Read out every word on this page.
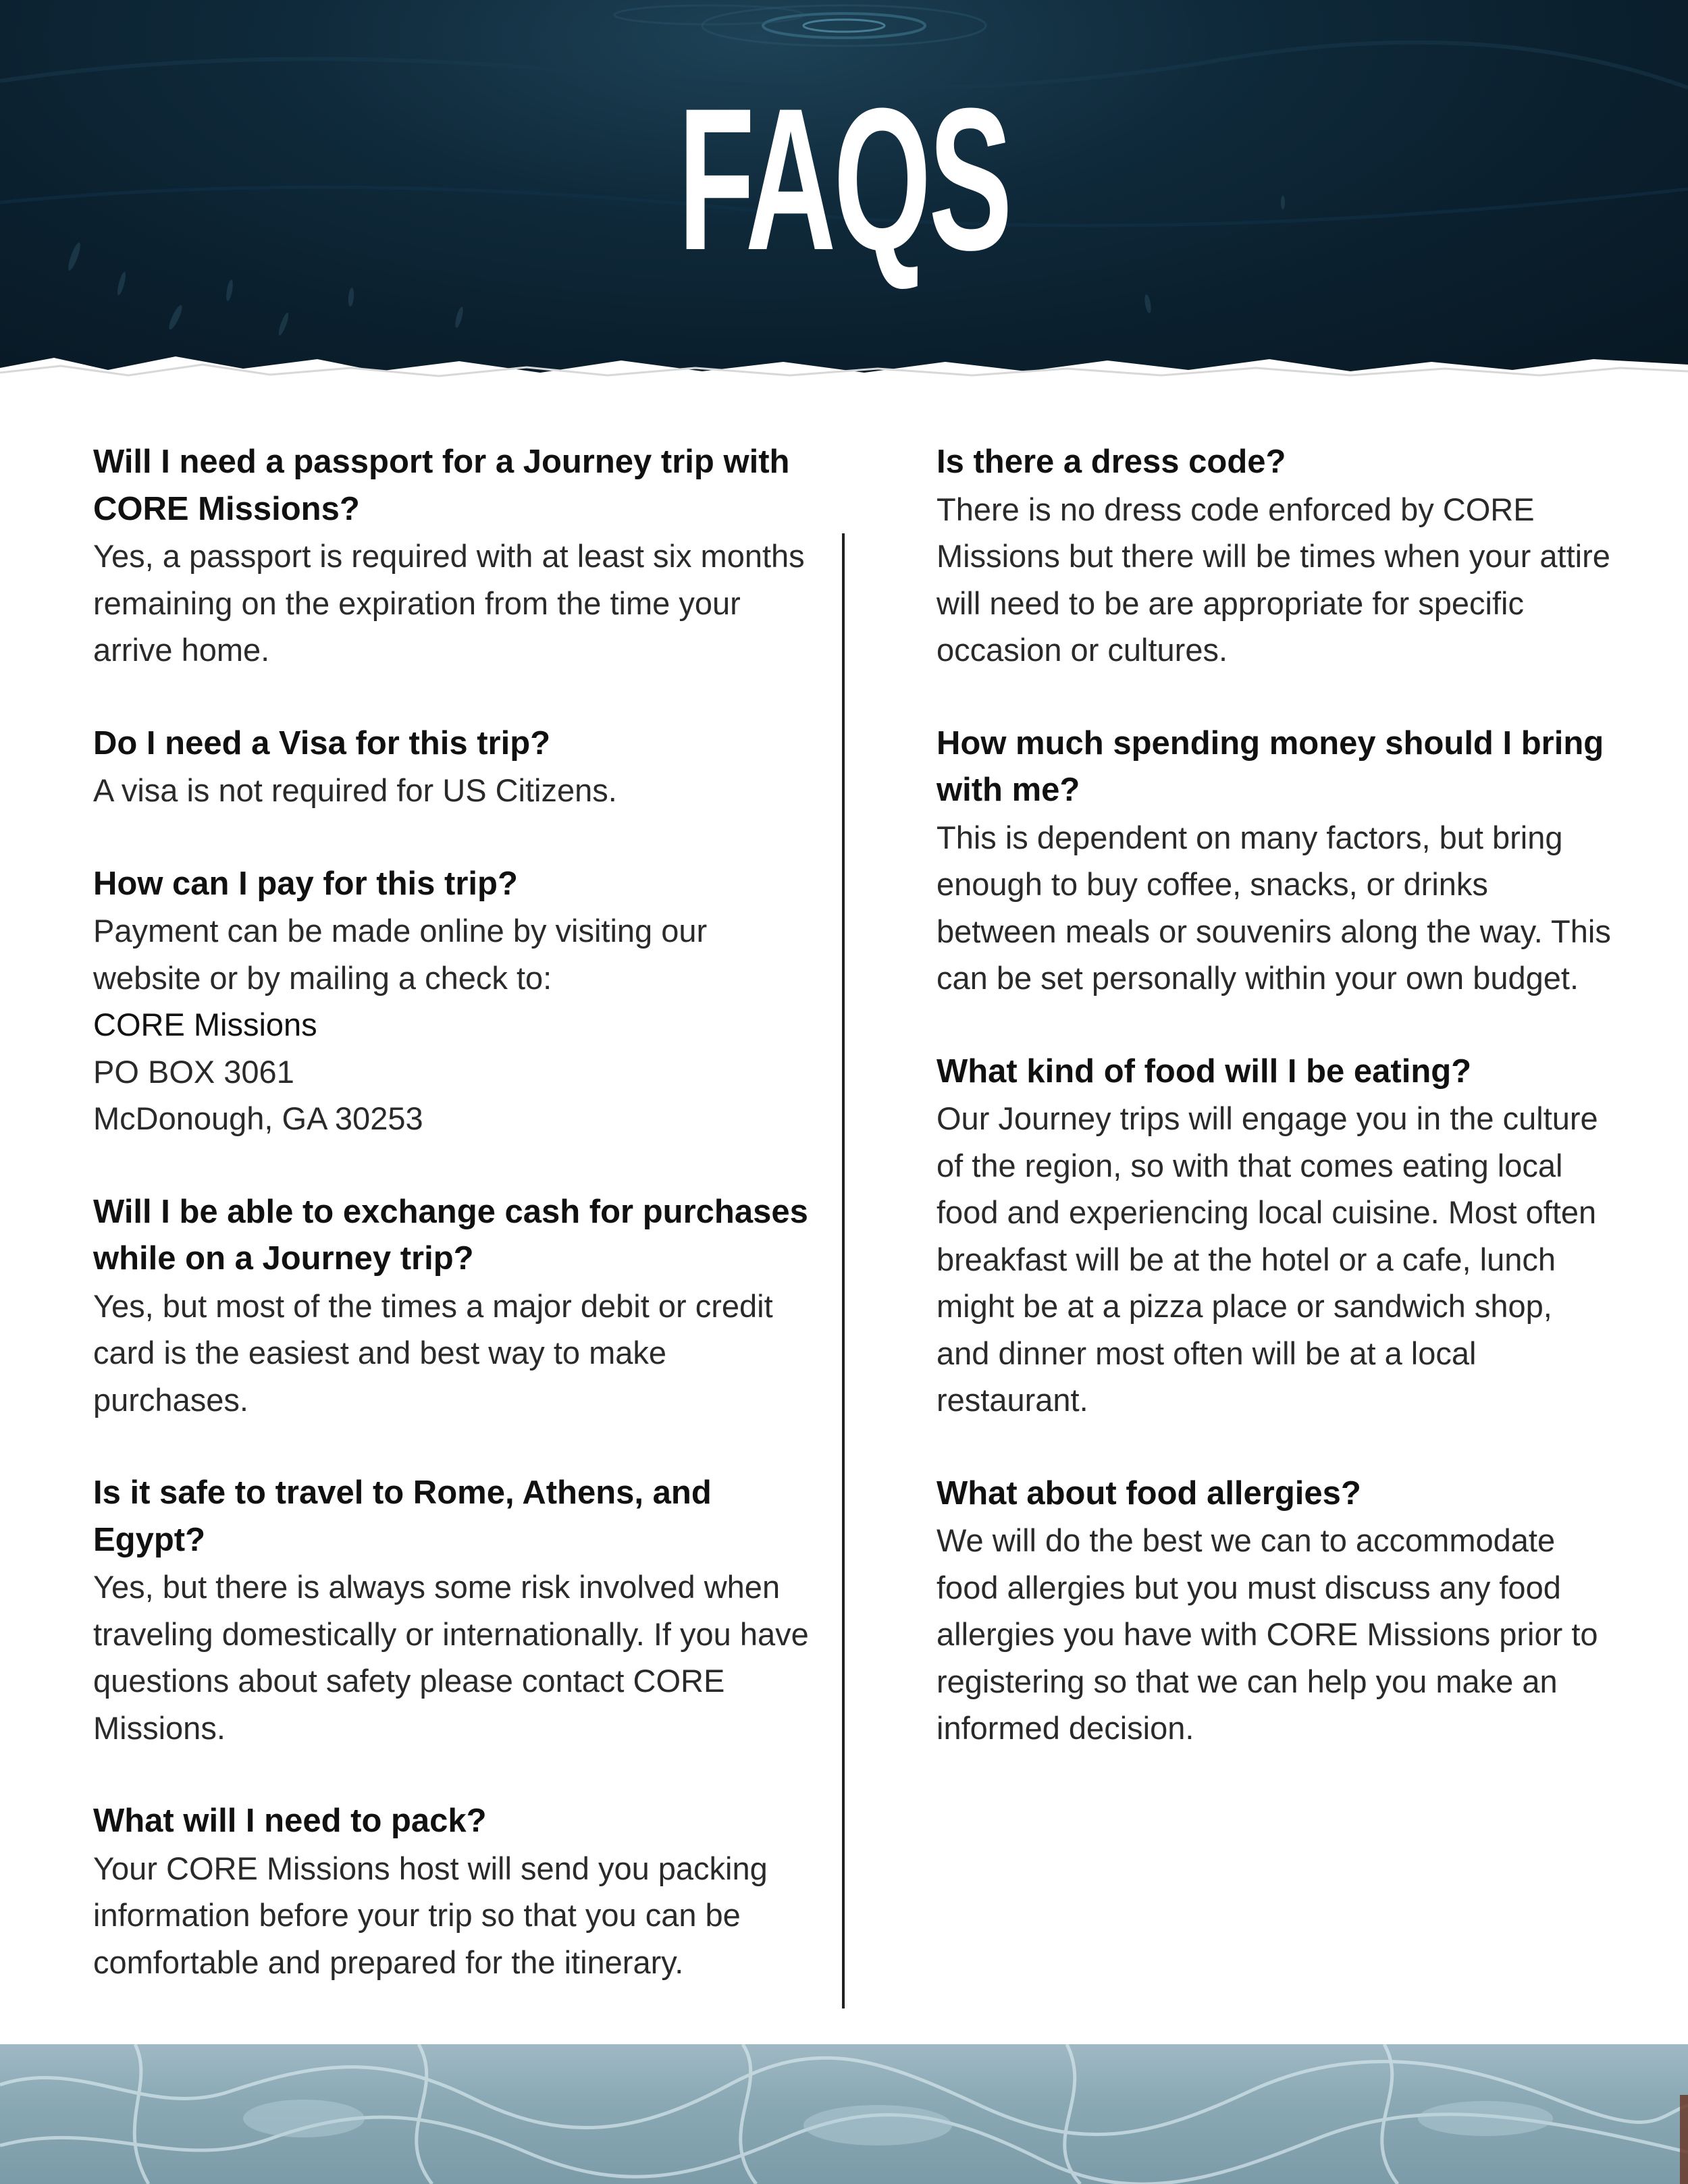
FAQS
Will I need a passport for a Journey trip with CORE Missions?

Yes, a passport is required with at least six months remaining on the expiration from the time your arrive home.

Do I need a Visa for this trip?

A visa is not required for US Citizens.

How can I pay for this trip?

Payment can be made online by visiting our website or by mailing a check to:

CORE Missions

PO BOX 3061

McDonough, GA 30253

Will I be able to exchange cash for purchases while on a Journey trip?

Yes, but most of the times a major debit or credit card is the easiest and best way to make purchases.

Is it safe to travel to Rome, Athens, and Egypt?

Yes, but there is always some risk involved when traveling domestically or internationally. If you have questions about safety please contact CORE Missions.

What will I need to pack?

Your CORE Missions host will send you packing information before your trip so that you can be comfortable and prepared for the itinerary.

Is there a dress code?

There is no dress code enforced by CORE Missions but there will be times when your attire will need to be are appropriate for specific occasion or cultures.

How much spending money should I bring with me?

This is dependent on many factors, but bring enough to buy coffee, snacks, or drinks between meals or souvenirs along the way. This can be set personally within your own budget.

What kind of food will I be eating?

Our Journey trips will engage you in the culture of the region, so with that comes eating local food and experiencing local cuisine. Most often breakfast will be at the hotel or a cafe, lunch might be at a pizza place or sandwich shop, and dinner most often will be at a local restaurant.

What about food allergies?

We will do the best we can to accommodate food allergies but you must discuss any food allergies you have with CORE Missions prior to registering so that we can help you make an informed decision.
